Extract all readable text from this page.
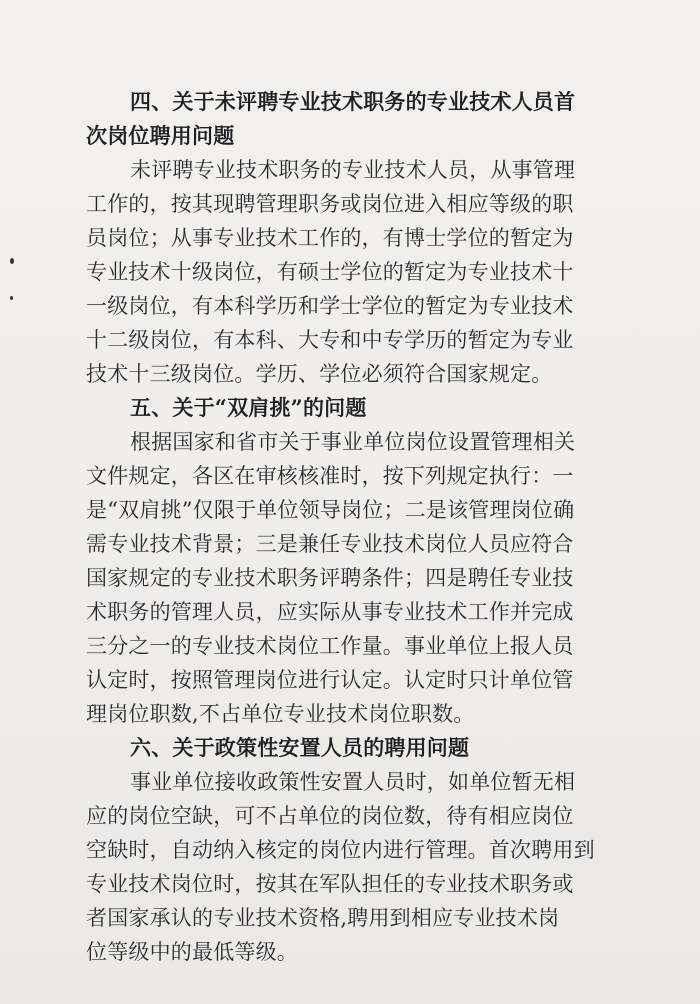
四、关于未评聘专业技术职务的专业技术人员首
次岗位聘用问题
未评聘专业技术职务的专业技术人员，从事管理
工作的，按其现聘管理职务或岗位进入相应等级的职
员岗位；从事专业技术工作的，有博士学位的暂定为
专业技术十级岗位，有硕士学位的暂定为专业技术十
一级岗位，有本科学历和学士学位的暂定为专业技术
十二级岗位，有本科、大专和中专学历的暂定为专业
技术十三级岗位。学历、学位必须符合国家规定。
五、关于“双肩挑”的问题
根据国家和省市关于事业单位岗位设置管理相关
文件规定，各区在审核核准时，按下列规定执行：一
是“双肩挑”仅限于单位领导岗位；二是该管理岗位确
需专业技术背景；三是兼任专业技术岗位人员应符合
国家规定的专业技术职务评聘条件；四是聘任专业技
术职务的管理人员，应实际从事专业技术工作并完成
三分之一的专业技术岗位工作量。事业单位上报人员
认定时，按照管理岗位进行认定。认定时只计单位管
理岗位职数,不占单位专业技术岗位职数。
六、关于政策性安置人员的聘用问题
事业单位接收政策性安置人员时，如单位暂无相
应的岗位空缺，可不占单位的岗位数，待有相应岗位
空缺时，自动纳入核定的岗位内进行管理。首次聘用到
专业技术岗位时，按其在军队担任的专业技术职务或
者国家承认的专业技术资格,聘用到相应专业技术岗
位等级中的最低等级。
